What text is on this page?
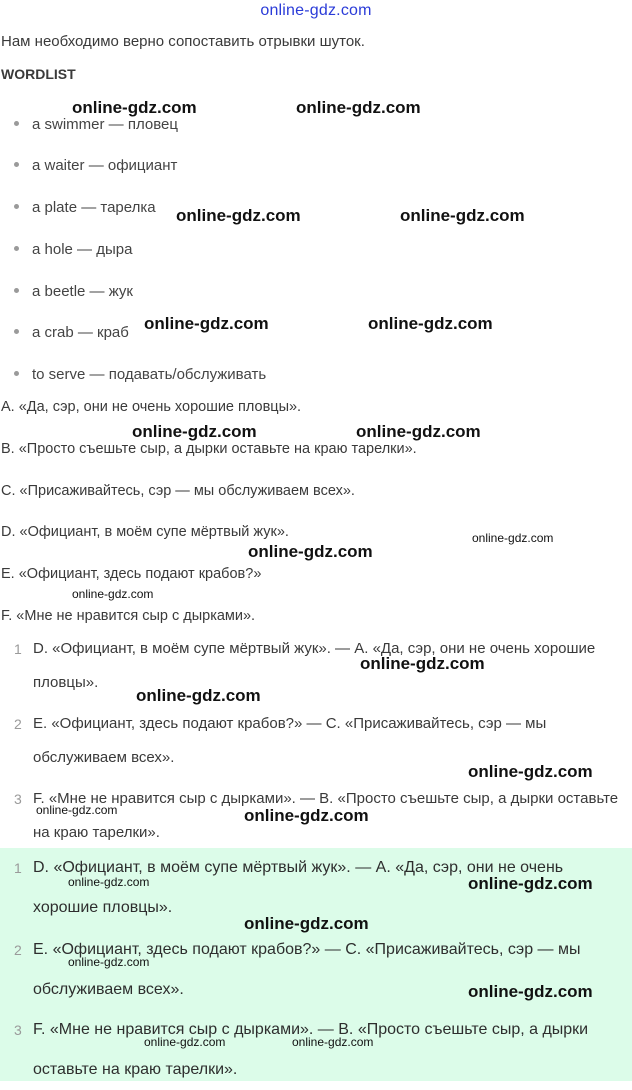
online-gdz.com
Нам необходимо верно сопоставить отрывки шуток.
WORDLIST
a swimmer — пловец
a waiter — официант
a plate — тарелка
a hole — дыра
a beetle — жук
a crab — краб
to serve — подавать/обслуживать
A. «Да, сэр, они не очень хорошие пловцы».
B. «Просто съешьте сыр, а дырки оставьте на краю тарелки».
C. «Присаживайтесь, сэр — мы обслуживаем всех».
D. «Официант, в моём супе мёртвый жук».
E. «Официант, здесь подают крабов?»
F. «Мне не нравится сыр с дырками».
1 D. «Официант, в моём супе мёртвый жук». — A. «Да, сэр, они не очень хорошие пловцы».
2 E. «Официант, здесь подают крабов?» — C. «Присаживайтесь, сэр — мы обслуживаем всех».
3 F. «Мне не нравится сыр с дырками». — B. «Просто съешьте сыр, а дырки оставьте на краю тарелки».
1 D. «Официант, в моём супе мёртвый жук». — A. «Да, сэр, они не очень хорошие пловцы».
2 E. «Официант, здесь подают крабов?» — C. «Присаживайтесь, сэр — мы обслуживаем всех».
3 F. «Мне не нравится сыр с дырками». — B. «Просто съешьте сыр, а дырки оставьте на краю тарелки».
online-gdz.com	online-gdz.com
online-gdz.com	online-gdz.com
online-gdz.com	online-gdz.com
online-gdz.com	online-gdz.com
online-gdz.com
online-gdz.com
online-gdz.com
online-gdz.com
online-gdz.com
online-gdz.com
online-gdz.com	online-gdz.com
online-gdz.com
online-gdz.com
online-gdz.com
online-gdz.com
online-gdz.com
online-gdz.com	online-gdz.com
